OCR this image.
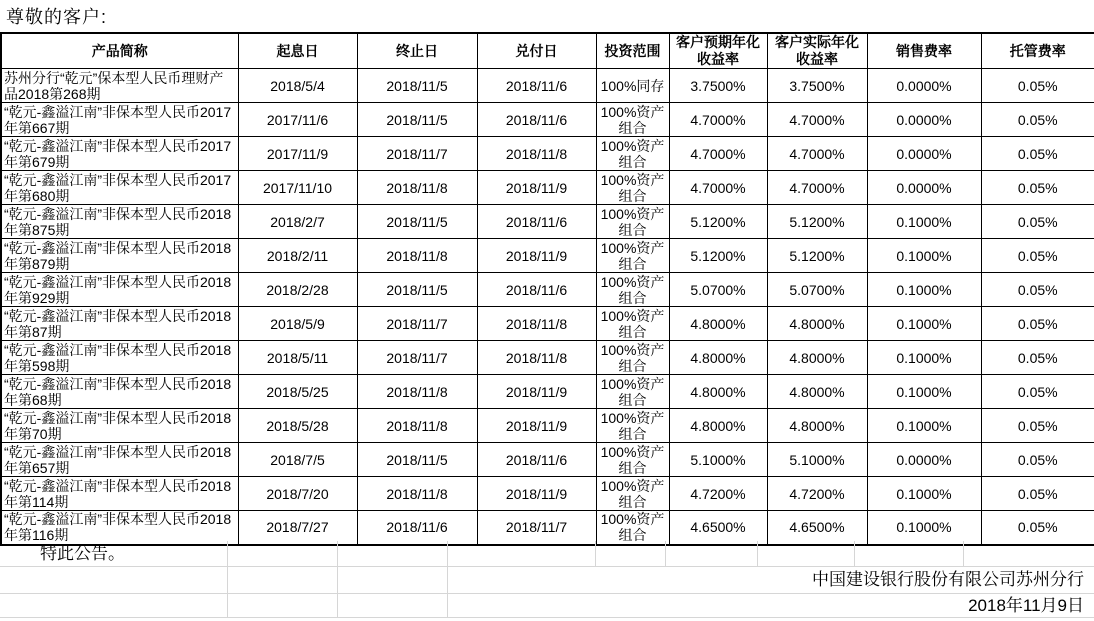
尊敬的客户:
产品简称	起息日	终止日	兑付日	投资范围	客户预期年化收益率	客户实际年化收益率	销售费率	托管费率
苏州分行“乾元”保本型人民币理财产品2018第268期	2018/5/4	2018/11/5	2018/11/6	100%同存	3.7500%	3.7500%	0.0000%	0.05%
“乾元-鑫溢江南”非保本型人民币2017年第667期	2017/11/6	2018/11/5	2018/11/6	100%资产组合	4.7000%	4.7000%	0.0000%	0.05%
“乾元-鑫溢江南”非保本型人民币2017年第679期	2017/11/9	2018/11/7	2018/11/8	100%资产组合	4.7000%	4.7000%	0.0000%	0.05%
“乾元-鑫溢江南”非保本型人民币2017年第680期	2017/11/10	2018/11/8	2018/11/9	100%资产组合	4.7000%	4.7000%	0.0000%	0.05%
“乾元-鑫溢江南”非保本型人民币2018年第875期	2018/2/7	2018/11/5	2018/11/6	100%资产组合	5.1200%	5.1200%	0.1000%	0.05%
“乾元-鑫溢江南”非保本型人民币2018年第879期	2018/2/11	2018/11/8	2018/11/9	100%资产组合	5.1200%	5.1200%	0.1000%	0.05%
“乾元-鑫溢江南”非保本型人民币2018年第929期	2018/2/28	2018/11/5	2018/11/6	100%资产组合	5.0700%	5.0700%	0.1000%	0.05%
“乾元-鑫溢江南”非保本型人民币2018年第87期	2018/5/9	2018/11/7	2018/11/8	100%资产组合	4.8000%	4.8000%	0.1000%	0.05%
“乾元-鑫溢江南”非保本型人民币2018年第598期	2018/5/11	2018/11/7	2018/11/8	100%资产组合	4.8000%	4.8000%	0.1000%	0.05%
“乾元-鑫溢江南”非保本型人民币2018年第68期	2018/5/25	2018/11/8	2018/11/9	100%资产组合	4.8000%	4.8000%	0.1000%	0.05%
“乾元-鑫溢江南”非保本型人民币2018年第70期	2018/5/28	2018/11/8	2018/11/9	100%资产组合	4.8000%	4.8000%	0.1000%	0.05%
“乾元-鑫溢江南”非保本型人民币2018年第657期	2018/7/5	2018/11/5	2018/11/6	100%资产组合	5.1000%	5.1000%	0.0000%	0.05%
“乾元-鑫溢江南”非保本型人民币2018年第114期	2018/7/20	2018/11/8	2018/11/9	100%资产组合	4.7200%	4.7200%	0.1000%	0.05%
“乾元-鑫溢江南”非保本型人民币2018年第116期	2018/7/27	2018/11/6	2018/11/7	100%资产组合	4.6500%	4.6500%	0.1000%	0.05%
特此公告。
中国建设银行股份有限公司苏州分行
2018年11月9日
